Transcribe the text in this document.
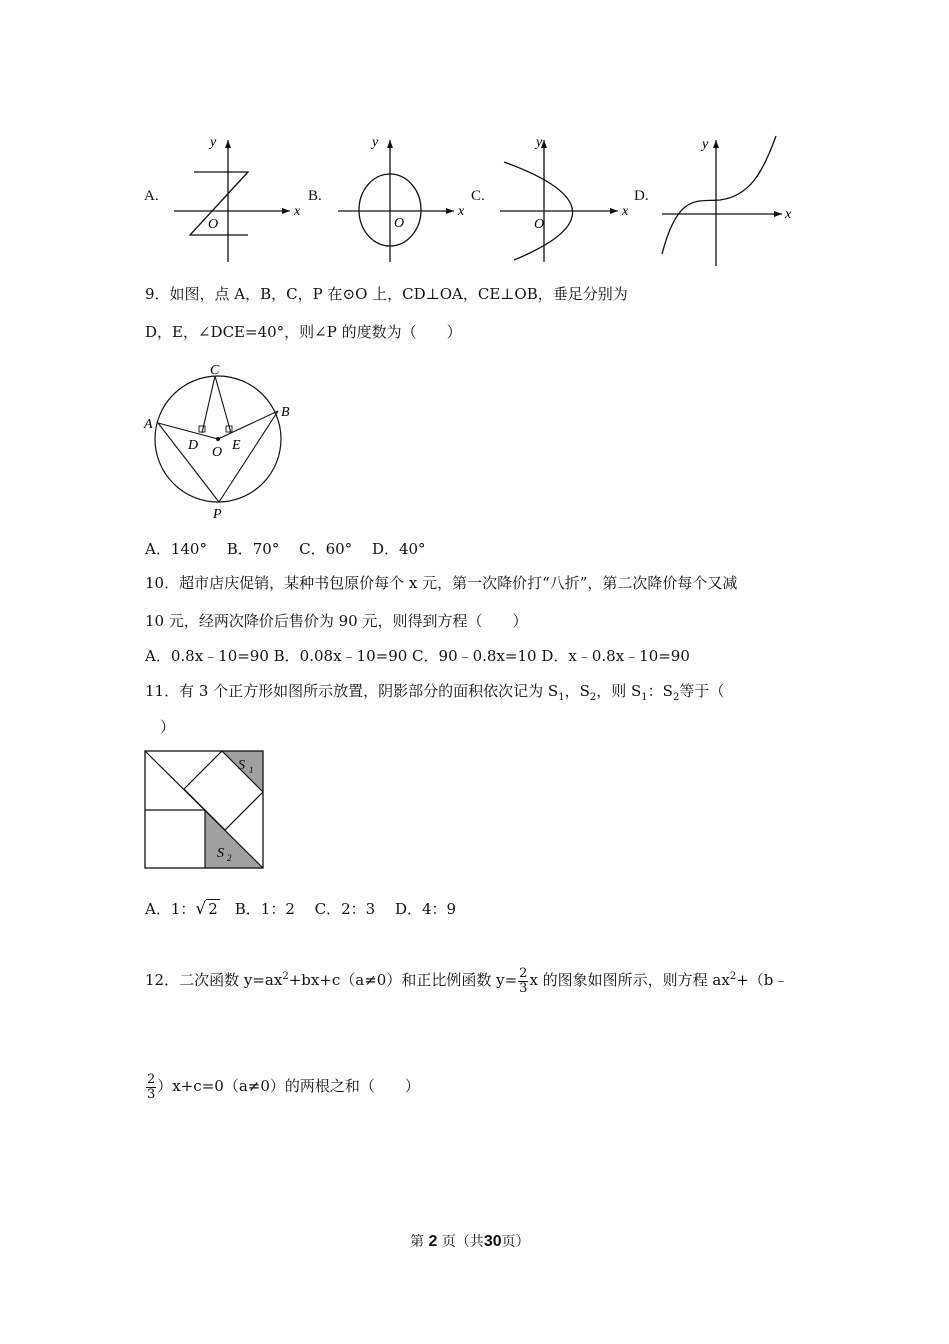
A.
x
y
O
B.
x
y
O
C.
x
y
O
D.
x
y
9．如图，点 A，B，C，P 在⊙O 上，CD⊥OA，CE⊥OB，垂足分别为
D，E，∠DCE=40°，则∠P 的度数为（　　）
A
B
C
D E
O
P
A．140°　 B．70°　 C．60°　 D．40°
10．超市店庆促销，某种书包原价每个 x 元，第一次降价打“八折”，第二次降价每个又减
10 元，经两次降价后售价为 90 元，则得到方程（　　）
A．0.8x﹣10=90 B．0.08x﹣10=90 C．90﹣0.8x=10 D．x﹣0.8x﹣10=90
11．有 3 个正方形如图所示放置，阴影部分的面积依次记为 $S_1$，$S_2$，则 $S_1$：$S_2$等于（
）
S 1
S 2
A．1：√ 2　B．1：2　 C．2：3　 D．4：9
12．二次函数 $y=ax^2+bx+c(a\ne 0)$和正比例函数 $y= \frac{2}{3}$ x 的图象如图所示，则方程 $ax^2+(b﹣$
$\frac{2}{3} )x+c=0(a\ne 0)$的两根之和（　　）
第 2 页（共30页）
